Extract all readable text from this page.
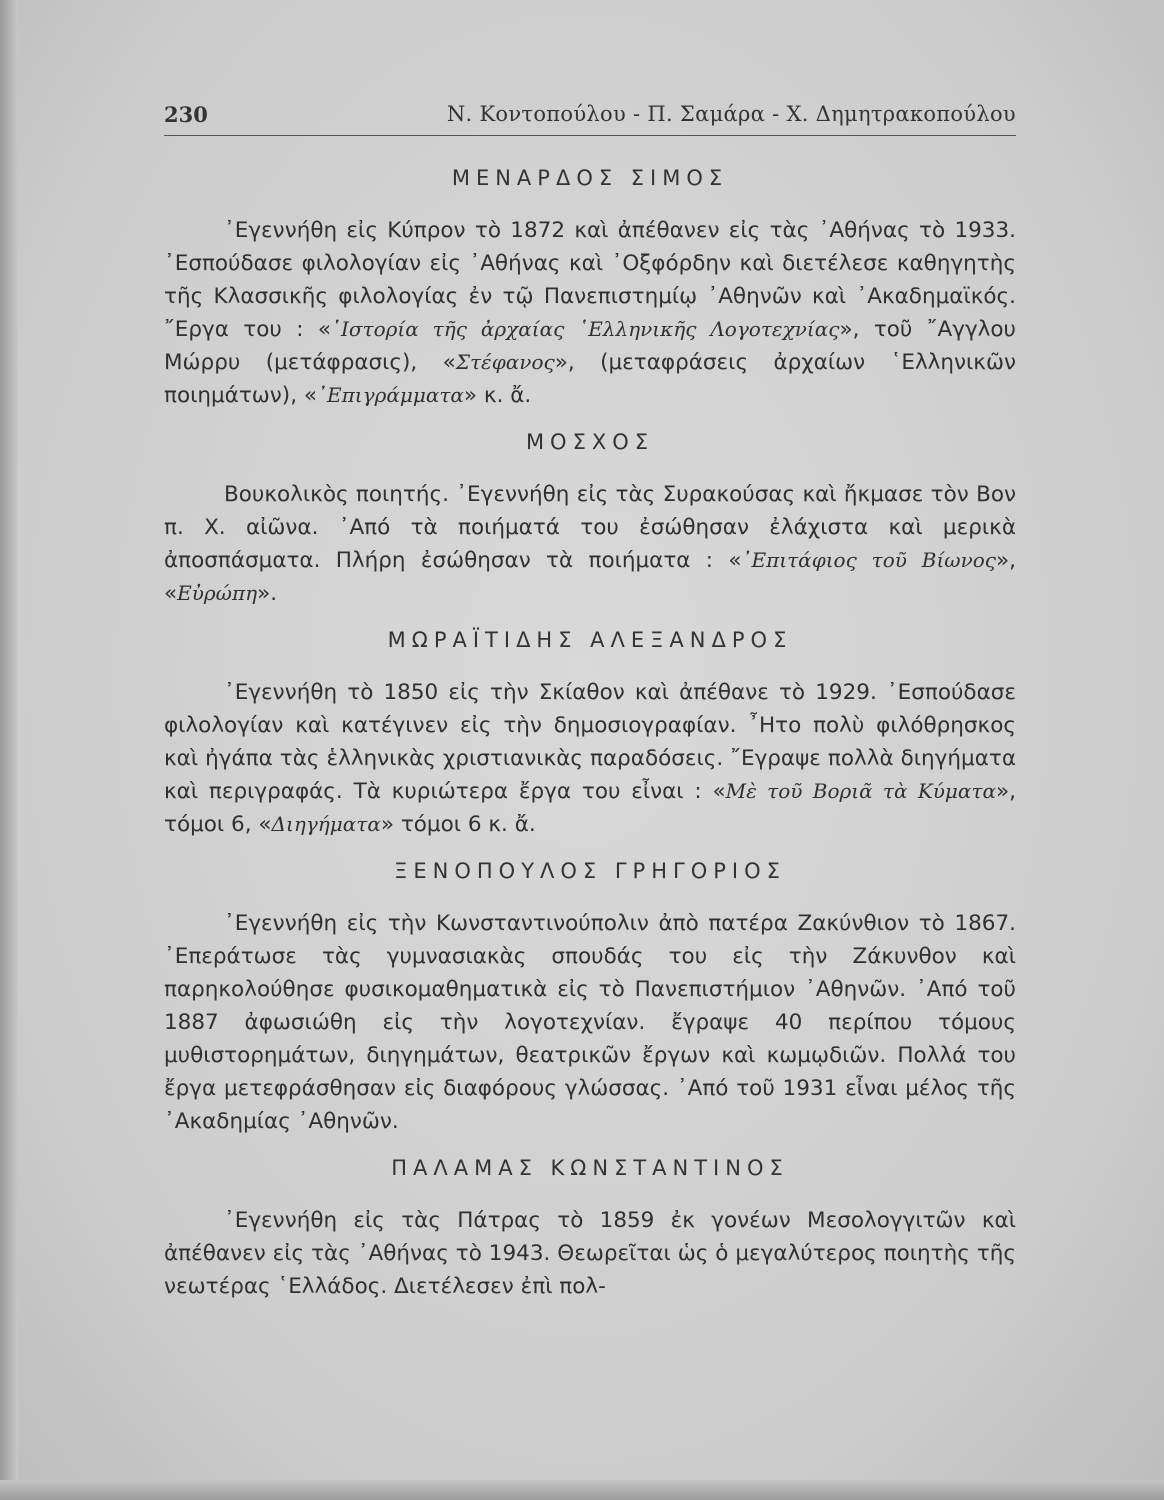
230	Ν. Κοντοπούλου - Π. Σαμάρα - Χ. Δημητρακοπούλου
ΜΕΝΑΡΔΟΣ ΣΙΜΟΣ

᾿Εγεννήθη εἰς Κύπρον τὸ 1872 καὶ ἀπέθανεν εἰς τὰς ᾿Αθήνας τὸ 1933. ᾿Εσπούδασε φιλολογίαν εἰς ᾿Αθήνας καὶ ᾿Οξφόρδην καὶ διετέλεσε καθηγητὴς τῆς Κλασσικῆς φιλολογίας ἐν τῷ Πανεπιστημίῳ ᾿Αθηνῶν καὶ ᾿Ακαδημαϊκός. ῎Εργα του : «῾Ιστορία τῆς ἀρχαίας ῾Ελληνικῆς Λογοτεχνίας», τοῦ ῎Αγγλου Μώρρυ (μετάφρασις), «Στέφανος», (μεταφράσεις ἀρχαίων ῾Ελληνικῶν ποιημάτων), «᾿Επιγράμματα» κ. ἄ.

ΜΟΣΧΟΣ

Βουκολικὸς ποιητής. ᾿Εγεννήθη εἰς τὰς Συρακούσας καὶ ἤκμασε τὸν Βον π. Χ. αἰῶνα. ᾿Από τὰ ποιήματά του ἐσώθησαν ἐλάχιστα καὶ μερικὰ ἀποσπάσματα. Πλήρη ἐσώθησαν τὰ ποιήματα : «᾿Επιτάφιος τοῦ Βίωνος», «Εὐρώπη».

ΜΩΡΑΪΤΙΔΗΣ ΑΛΕΞΑΝΔΡΟΣ

᾿Εγεννήθη τὸ 1850 εἰς τὴν Σκίαθον καὶ ἀπέθανε τὸ 1929. ᾿Εσπούδασε φιλολογίαν καὶ κατέγινεν εἰς τὴν δημοσιογραφίαν. ῏Ητο πολὺ φιλόθρησκος καὶ ἠγάπα τὰς ἑλληνικὰς χριστιανικὰς παραδόσεις. ῎Εγραψε πολλὰ διηγήματα καὶ περιγραφάς. Τὰ κυριώτερα ἔργα του εἶναι : «Μὲ τοῦ Βοριᾶ τὰ Κύματα», τόμοι 6, «Διηγήματα» τόμοι 6 κ. ἄ.

ΞΕΝΟΠΟΥΛΟΣ ΓΡΗΓΟΡΙΟΣ

᾿Εγεννήθη εἰς τὴν Κωνσταντινούπολιν ἀπὸ πατέρα Ζακύνθιον τὸ 1867. ᾿Επεράτωσε τὰς γυμνασιακὰς σπουδάς του εἰς τὴν Ζάκυνθον καὶ παρηκολούθησε φυσικομαθηματικὰ εἰς τὸ Πανεπιστήμιον ᾿Αθηνῶν. ᾿Από τοῦ 1887 ἀφωσιώθη εἰς τὴν λογοτεχνίαν. ἔγραψε 40 περίπου τόμους μυθιστορημάτων, διηγημάτων, θεατρικῶν ἔργων καὶ κωμῳδιῶν. Πολλά του ἔργα μετεφράσθησαν εἰς διαφόρους γλώσσας. ᾿Από τοῦ 1931 εἶναι μέλος τῆς ᾿Ακαδημίας ᾿Αθηνῶν.

ΠΑΛΑΜΑΣ ΚΩΝΣΤΑΝΤΙΝΟΣ

᾿Εγεννήθη εἰς τὰς Πάτρας τὸ 1859 ἐκ γονέων Μεσολογγιτῶν καὶ ἀπέθανεν εἰς τὰς ᾿Αθήνας τὸ 1943. Θεωρεῖται ὡς ὁ μεγαλύτερος ποιητὴς τῆς νεωτέρας ῾Ελλάδος. Διετέλεσεν ἐπὶ πολ-
